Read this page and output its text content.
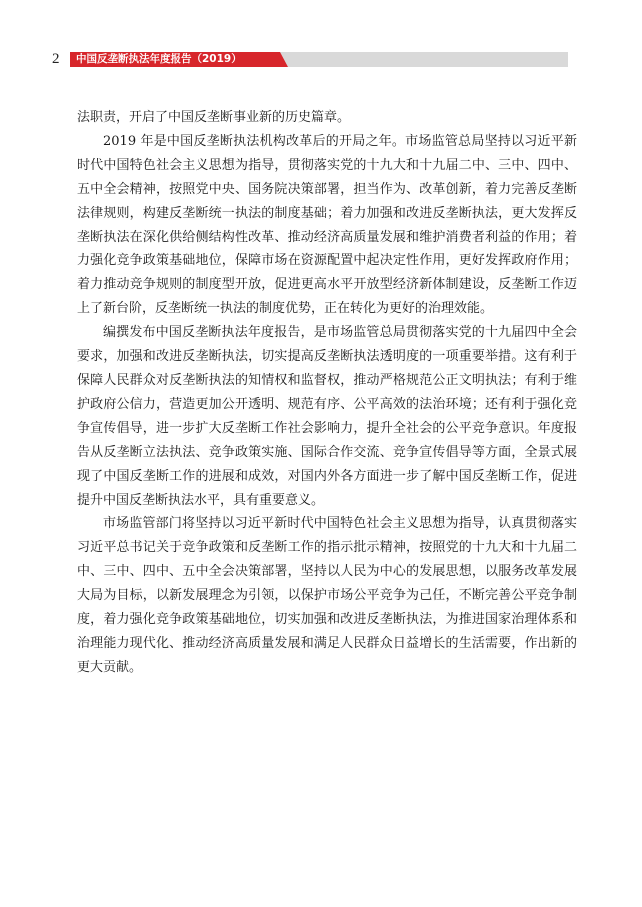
2 中国反垄断执法年度报告（2019）

法职责，开启了中国反垄断事业新的历史篇章。

2019 年是中国反垄断执法机构改革后的开局之年。市场监管总局坚持以习近平新时代中国特色社会主义思想为指导，贯彻落实党的十九大和十九届二中、三中、四中、五中全会精神，按照党中央、国务院决策部署，担当作为、改革创新，着力完善反垄断法律规则，构建反垄断统一执法的制度基础；着力加强和改进反垄断执法，更大发挥反垄断执法在深化供给侧结构性改革、推动经济高质量发展和维护消费者利益的作用；着力强化竞争政策基础地位，保障市场在资源配置中起决定性作用，更好发挥政府作用；着力推动竞争规则的制度型开放，促进更高水平开放型经济新体制建设，反垄断工作迈上了新台阶，反垄断统一执法的制度优势，正在转化为更好的治理效能。

编撰发布中国反垄断执法年度报告，是市场监管总局贯彻落实党的十九届四中全会要求，加强和改进反垄断执法，切实提高反垄断执法透明度的一项重要举措。这有利于保障人民群众对反垄断执法的知情权和监督权，推动严格规范公正文明执法；有利于维护政府公信力，营造更加公开透明、规范有序、公平高效的法治环境；还有利于强化竞争宣传倡导，进一步扩大反垄断工作社会影响力，提升全社会的公平竞争意识。年度报告从反垄断立法执法、竞争政策实施、国际合作交流、竞争宣传倡导等方面，全景式展现了中国反垄断工作的进展和成效，对国内外各方面进一步了解中国反垄断工作，促进提升中国反垄断执法水平，具有重要意义。

市场监管部门将坚持以习近平新时代中国特色社会主义思想为指导，认真贯彻落实习近平总书记关于竞争政策和反垄断工作的指示批示精神，按照党的十九大和十九届二中、三中、四中、五中全会决策部署，坚持以人民为中心的发展思想，以服务改革发展大局为目标，以新发展理念为引领，以保护市场公平竞争为己任，不断完善公平竞争制度，着力强化竞争政策基础地位，切实加强和改进反垄断执法，为推进国家治理体系和治理能力现代化、推动经济高质量发展和满足人民群众日益增长的生活需要，作出新的更大贡献。
